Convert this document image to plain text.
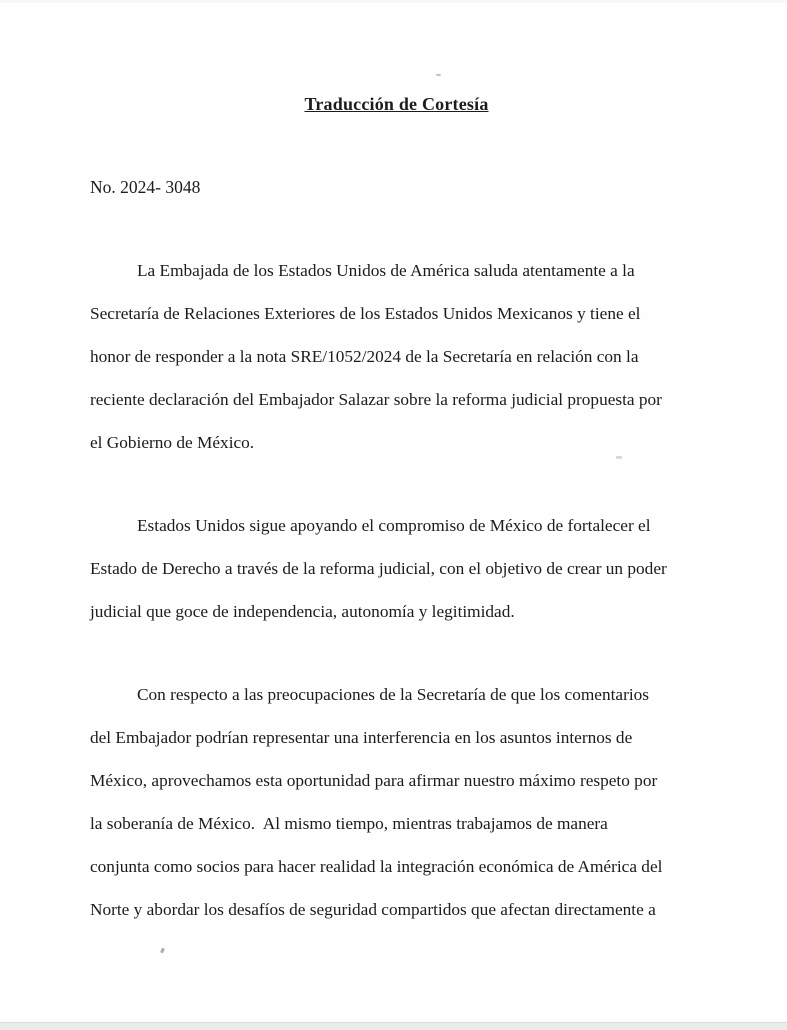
Traducción de Cortesía
No. 2024- 3048
La Embajada de los Estados Unidos de América saluda atentamente a la
Secretaría de Relaciones Exteriores de los Estados Unidos Mexicanos y tiene el
honor de responder a la nota SRE/1052/2024 de la Secretaría en relación con la
reciente declaración del Embajador Salazar sobre la reforma judicial propuesta por
el Gobierno de México.
Estados Unidos sigue apoyando el compromiso de México de fortalecer el
Estado de Derecho a través de la reforma judicial, con el objetivo de crear un poder
judicial que goce de independencia, autonomía y legitimidad.
Con respecto a las preocupaciones de la Secretaría de que los comentarios
del Embajador podrían representar una interferencia en los asuntos internos de
México, aprovechamos esta oportunidad para afirmar nuestro máximo respeto por
la soberanía de México.  Al mismo tiempo, mientras trabajamos de manera
conjunta como socios para hacer realidad la integración económica de América del
Norte y abordar los desafíos de seguridad compartidos que afectan directamente a
